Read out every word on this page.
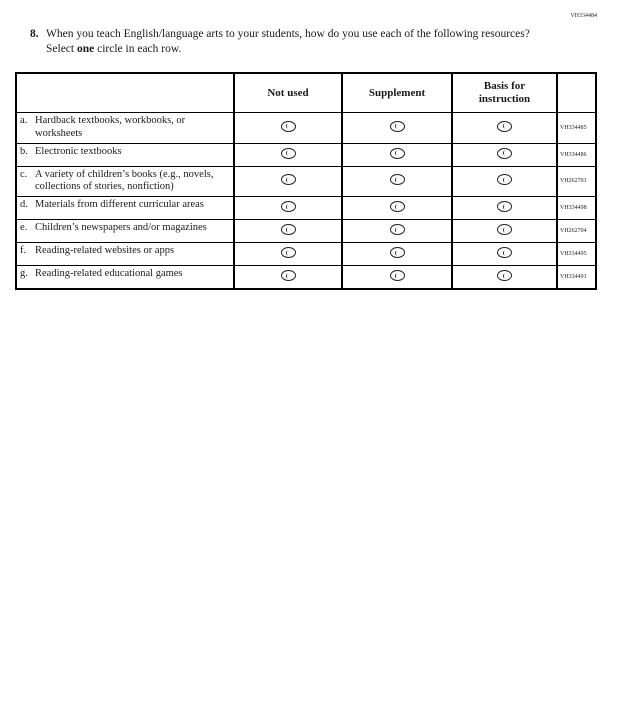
VH334484
8. When you teach English/language arts to your students, how do you use each of the following resources? Select one circle in each row.
	Not used	Supplement	Basis for instruction	

a. Hardback textbooks, workbooks, or worksheets				VH334485

b. Electronic textbooks				VH334486

c. A variety of children’s books (e.g., novels, collections of stories, nonfiction)				VH262701

d. Materials from different curricular areas				VH334498

e. Children’s newspapers and/or magazines				VH262704

f. Reading-related websites or apps				VH334495

g. Reading-related educational games				VH334491
